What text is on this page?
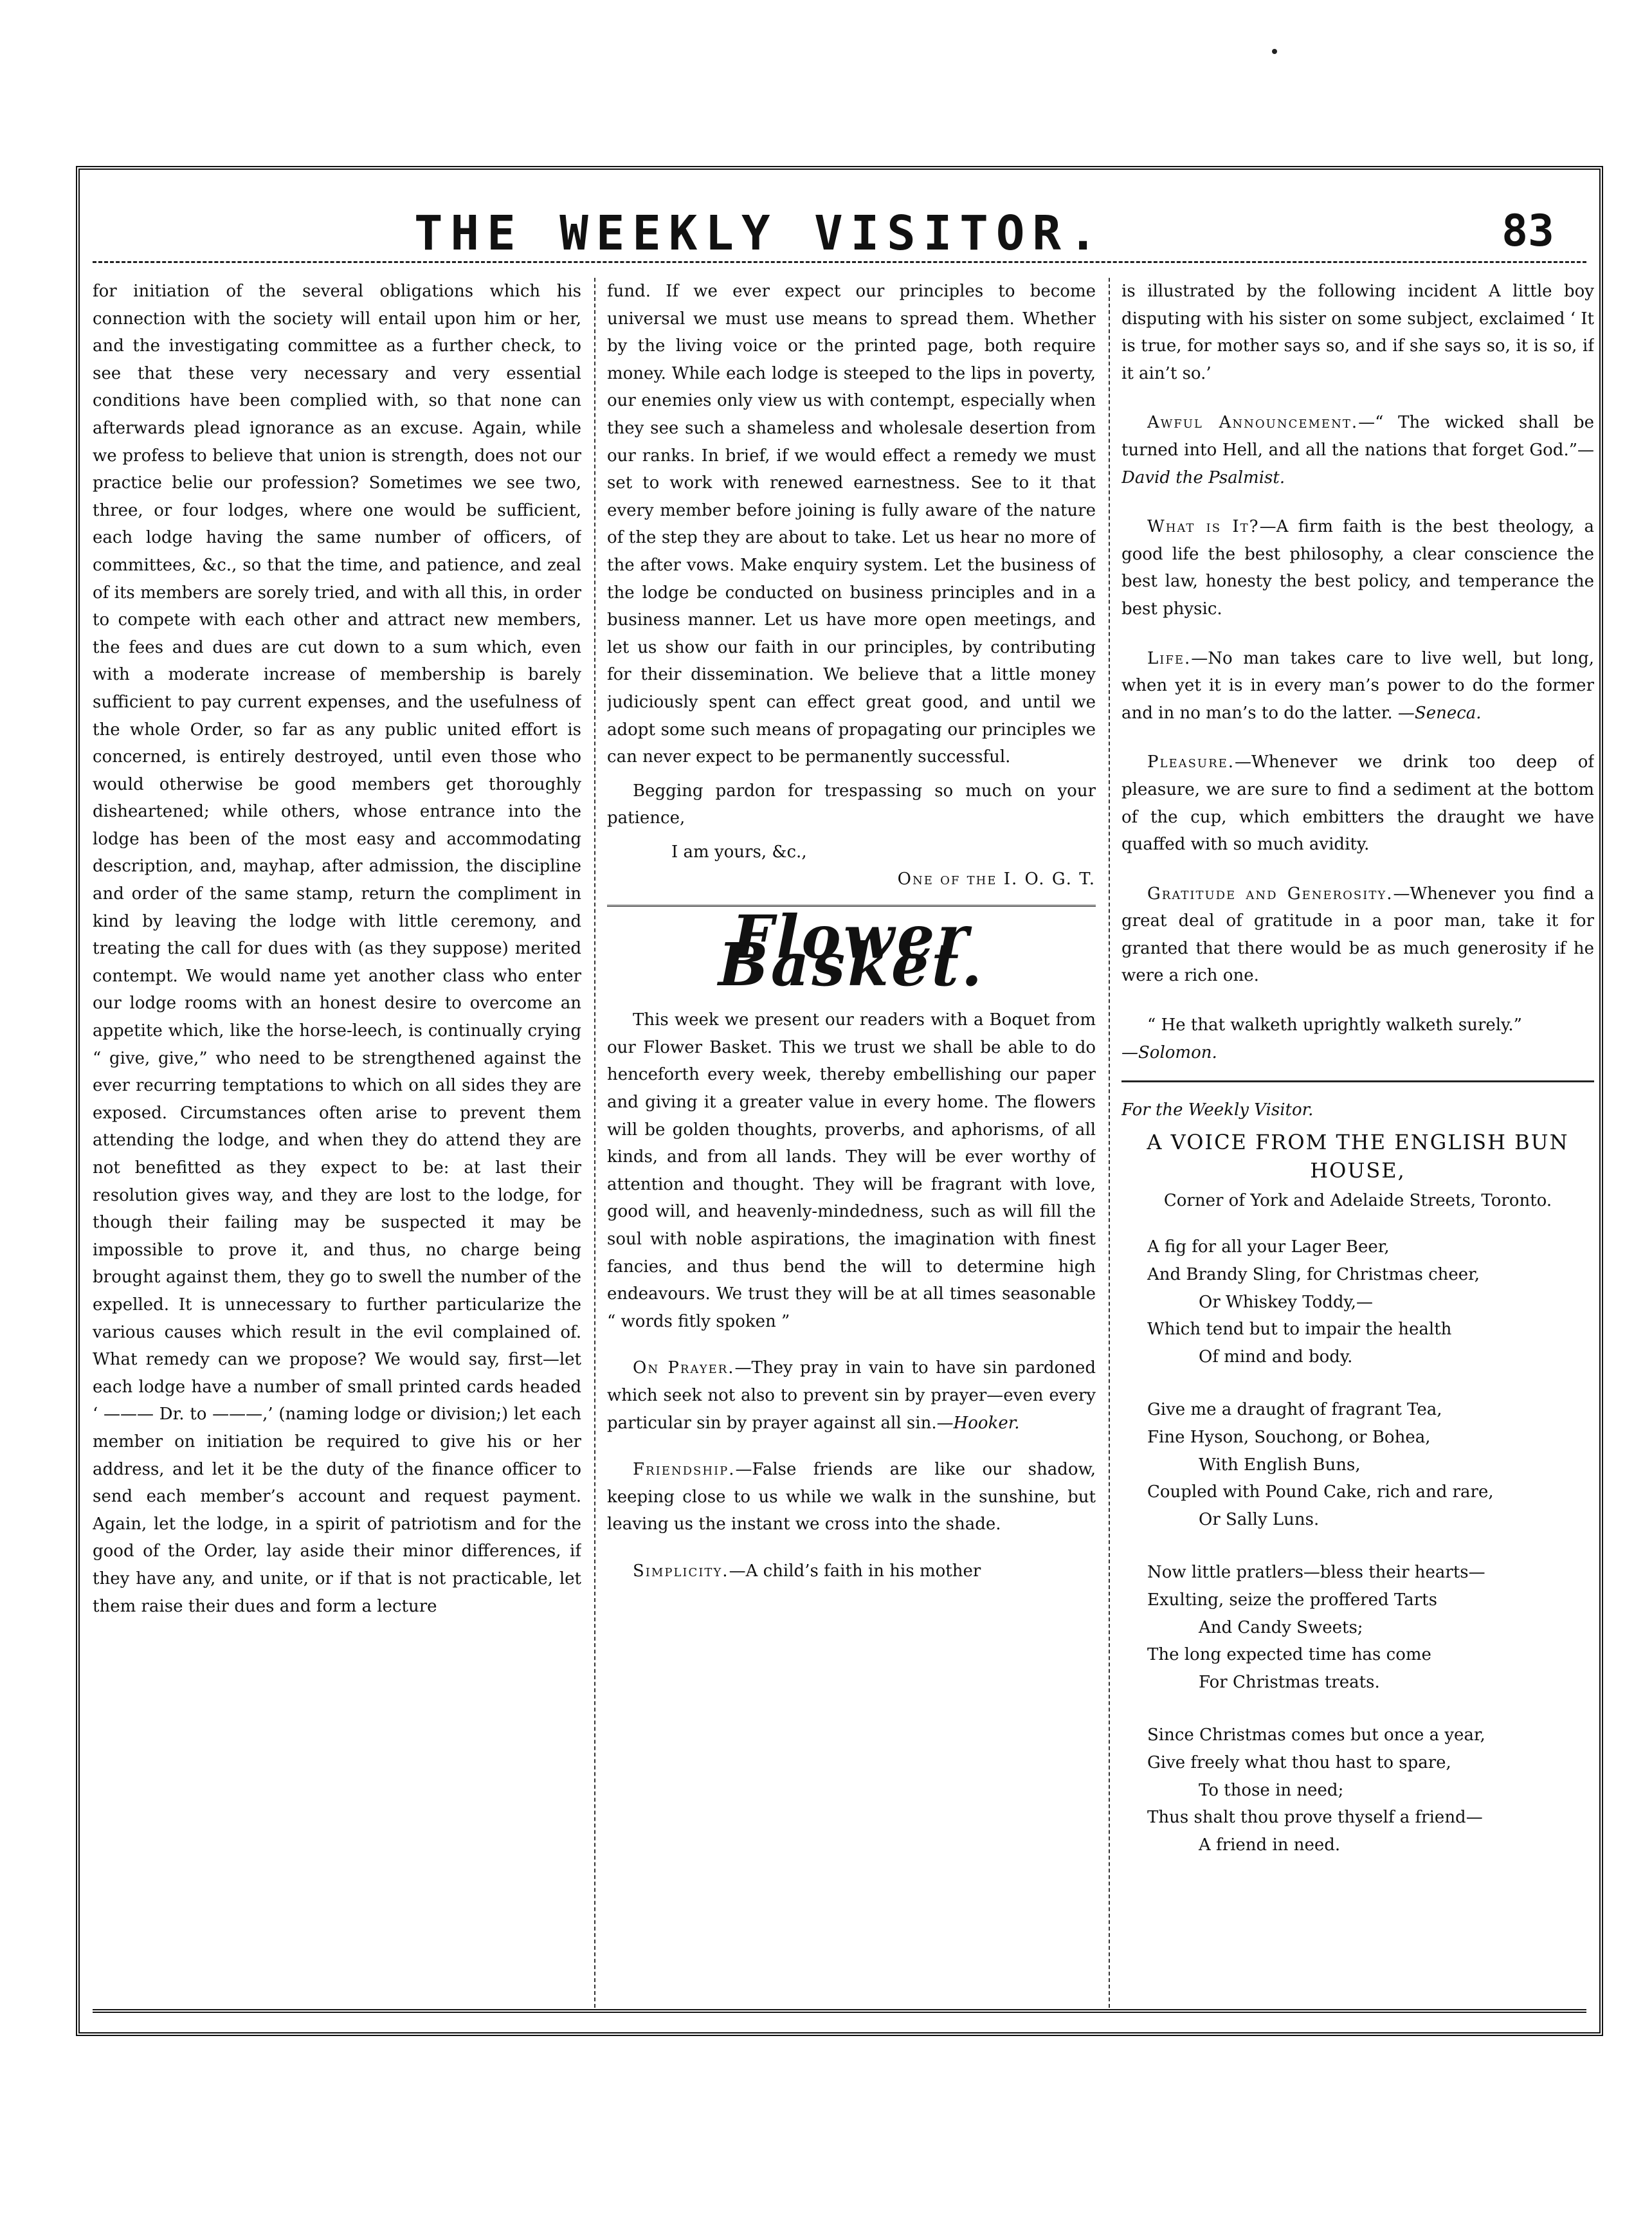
THE WEEKLY VISITOR.	83

for initiation of the several obligations which his connection with the society will entail upon him or her, and the investigating committee as a further check, to see that these very necessary and very essential conditions have been complied with, so that none can afterwards plead ignorance as an excuse. Again, while we profess to believe that union is strength, does not our practice belie our profession? Sometimes we see two, three, or four lodges, where one would be sufficient, each lodge having the same number of officers, of committees, &c., so that the time, and patience, and zeal of its members are sorely tried, and with all this, in order to compete with each other and attract new members, the fees and dues are cut down to a sum which, even with a moderate increase of membership is barely sufficient to pay current expenses, and the usefulness of the whole Order, so far as any public united effort is concerned, is entirely destroyed, until even those who would otherwise be good members get thoroughly disheartened; while others, whose entrance into the lodge has been of the most easy and accommodating description, and, mayhap, after admission, the discipline and order of the same stamp, return the compliment in kind by leaving the lodge with little ceremony, and treating the call for dues with (as they suppose) merited contempt. We would name yet another class who enter our lodge rooms with an honest desire to overcome an appetite which, like the horse-leech, is continually crying “ give, give,” who need to be strengthened against the ever recurring temptations to which on all sides they are exposed. Circumstances often arise to prevent them attending the lodge, and when they do attend they are not benefitted as they expect to be: at last their resolution gives way, and they are lost to the lodge, for though their failing may be suspected it may be impossible to prove it, and thus, no charge being brought against them, they go to swell the number of the expelled. It is unnecessary to further particularize the various causes which result in the evil complained of. What remedy can we propose? We would say, first—let each lodge have a number of small printed cards headed ‘ ——— Dr. to ———,’ (naming lodge or division;) let each member on initiation be required to give his or her address, and let it be the duty of the finance officer to send each member’s account and request payment. Again, let the lodge, in a spirit of patriotism and for the good of the Order, lay aside their minor differences, if they have any, and unite, or if that is not practicable, let them raise their dues and form a lecture

fund. If we ever expect our principles to become universal we must use means to spread them. Whether by the living voice or the printed page, both require money. While each lodge is steeped to the lips in poverty, our enemies only view us with contempt, especially when they see such a shameless and wholesale desertion from our ranks. In brief, if we would effect a remedy we must set to work with renewed earnestness. See to it that every member before joining is fully aware of the nature of the step they are about to take. Let us hear no more of the after vows. Make enquiry system. Let the business of the lodge be conducted on business principles and in a business manner. Let us have more open meetings, and let us show our faith in our principles, by contributing for their dissemination. We believe that a little money judiciously spent can effect great good, and until we adopt some such means of propagating our principles we can never expect to be permanently successful.

Begging pardon for trespassing so much on your patience,

I am yours, &c.,

One of the I. O. G. T.

Flower Basket.

This week we present our readers with a Boquet from our Flower Basket. This we trust we shall be able to do henceforth every week, thereby embellishing our paper and giving it a greater value in every home. The flowers will be golden thoughts, proverbs, and aphorisms, of all kinds, and from all lands. They will be ever worthy of attention and thought. They will be fragrant with love, good will, and heavenly-mindedness, such as will fill the soul with noble aspirations, the imagination with finest fancies, and thus bend the will to determine high endeavours. We trust they will be at all times seasonable “ words fitly spoken ”

On Prayer.—They pray in vain to have sin pardoned which seek not also to prevent sin by prayer—even every particular sin by prayer against all sin.—Hooker.

Friendship.—False friends are like our shadow, keeping close to us while we walk in the sunshine, but leaving us the instant we cross into the shade.

Simplicity.—A child’s faith in his mother

is illustrated by the following incident A little boy disputing with his sister on some subject, exclaimed ‘ It is true, for mother says so, and if she says so, it is so, if it ain’t so.’

Awful Announcement.—“ The wicked shall be turned into Hell, and all the nations that forget God.”—David the Psalmist.

What is It?—A firm faith is the best theology, a good life the best philosophy, a clear conscience the best law, honesty the best policy, and temperance the best physic.

Life.—No man takes care to live well, but long, when yet it is in every man’s power to do the former and in no man’s to do the latter. —Seneca.

Pleasure.—Whenever we drink too deep of pleasure, we are sure to find a sediment at the bottom of the cup, which embitters the draught we have quaffed with so much avidity.

Gratitude and Generosity.—Whenever you find a great deal of gratitude in a poor man, take it for granted that there would be as much generosity if he were a rich one.

“ He that walketh uprightly walketh surely.”

—Solomon.

For the Weekly Visitor.

A VOICE FROM THE ENGLISH BUN HOUSE,

Corner of York and Adelaide Streets, Toronto.

A fig for all your Lager Beer,
And Brandy Sling, for Christmas cheer,
Or Whiskey Toddy,—
Which tend but to impair the health
Of mind and body.
Give me a draught of fragrant Tea,
Fine Hyson, Souchong, or Bohea,
With English Buns,
Coupled with Pound Cake, rich and rare,
Or Sally Luns.
Now little pratlers—bless their hearts—
Exulting, seize the proffered Tarts
And Candy Sweets;
The long expected time has come
For Christmas treats.
Since Christmas comes but once a year,
Give freely what thou hast to spare,
To those in need;
Thus shalt thou prove thyself a friend—
A friend in need.
